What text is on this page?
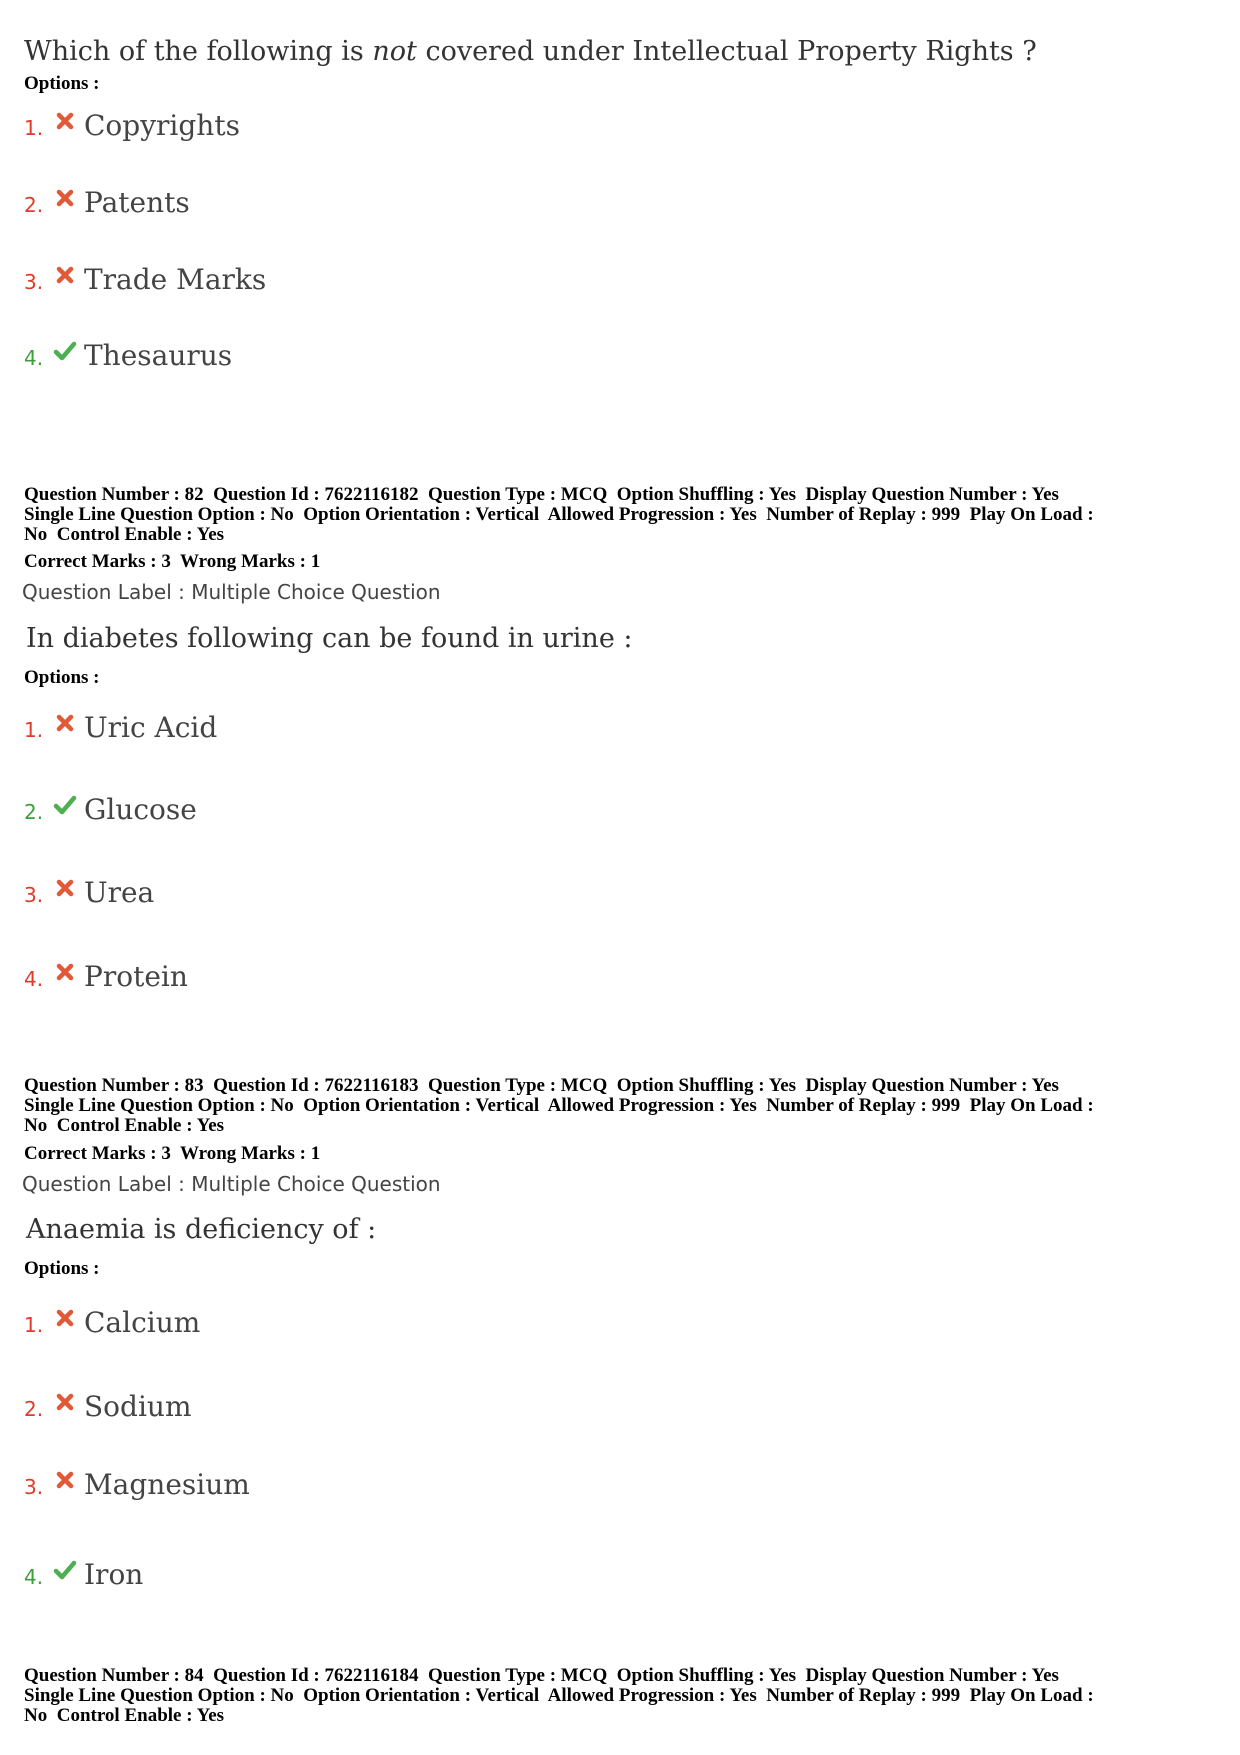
Which of the following is not covered under Intellectual Property Rights ?
Options :
1.	Copyrights
2.	Patents
3.	Trade Marks
4.	Thesaurus
Question Number : 82  Question Id : 7622116182  Question Type : MCQ  Option Shuffling : Yes  Display Question Number : Yes
Single Line Question Option : No  Option Orientation : Vertical  Allowed Progression : Yes  Number of Replay : 999  Play On Load :
No  Control Enable : Yes
Correct Marks : 3  Wrong Marks : 1
Question Label : Multiple Choice Question
In diabetes following can be found in urine :
Options :
1.	Uric Acid
2.	Glucose
3.	Urea
4.	Protein
Question Number : 83  Question Id : 7622116183  Question Type : MCQ  Option Shuffling : Yes  Display Question Number : Yes
Single Line Question Option : No  Option Orientation : Vertical  Allowed Progression : Yes  Number of Replay : 999  Play On Load :
No  Control Enable : Yes
Correct Marks : 3  Wrong Marks : 1
Question Label : Multiple Choice Question
Anaemia is deficiency of :
Options :
1.	Calcium
2.	Sodium
3.	Magnesium
4.	Iron
Question Number : 84  Question Id : 7622116184  Question Type : MCQ  Option Shuffling : Yes  Display Question Number : Yes
Single Line Question Option : No  Option Orientation : Vertical  Allowed Progression : Yes  Number of Replay : 999  Play On Load :
No  Control Enable : Yes
